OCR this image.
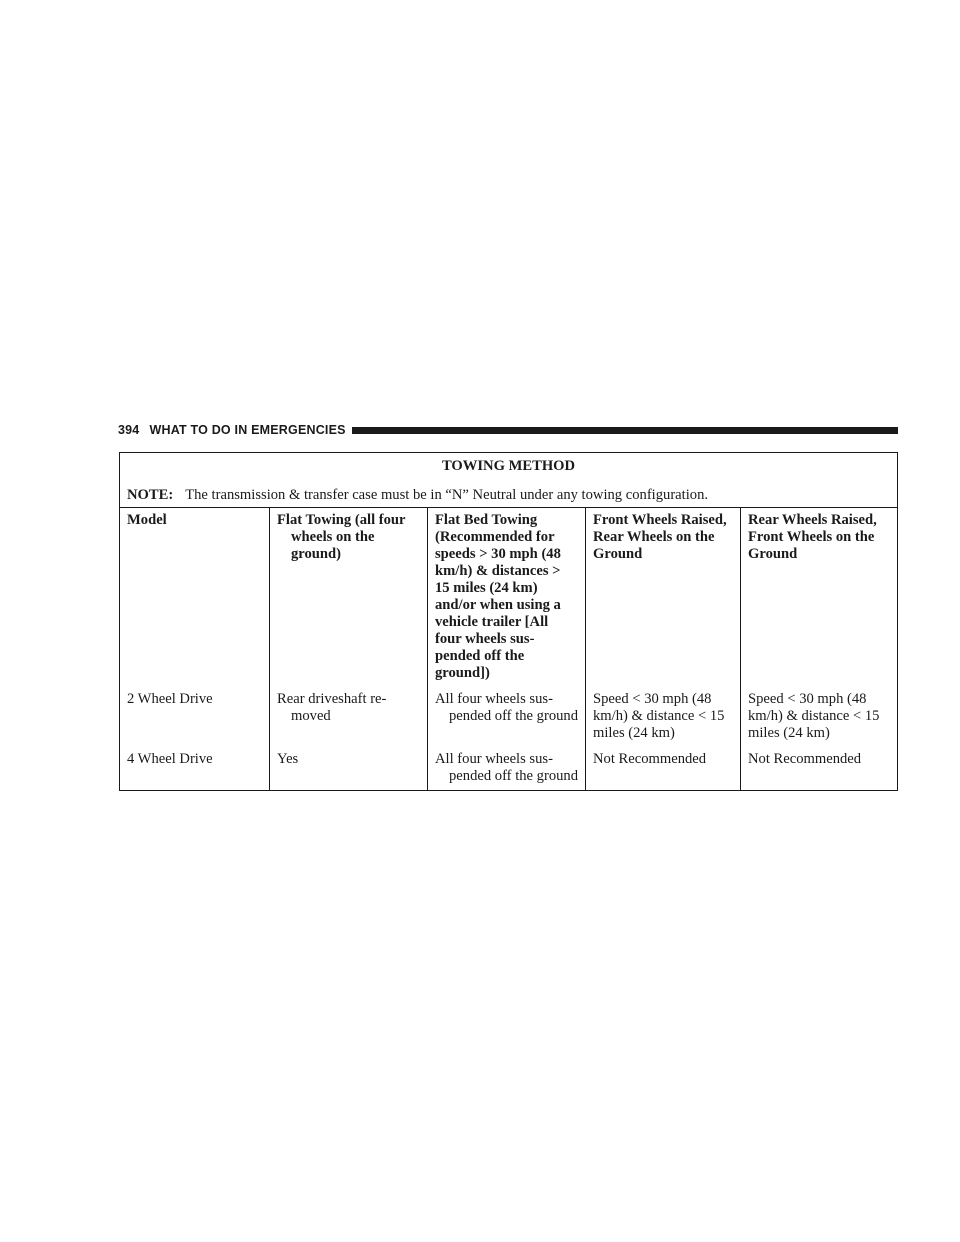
394 WHAT TO DO IN EMERGENCIES
TOWING METHOD				
NOTE: The transmission & transfer case must be in “N” Neutral under any towing configuration.				
Model	Flat Towing (all four wheels on the ground)	Flat Bed Towing (Recommended for speeds > 30 mph (48 km/h) & distances > 15 miles (24 km) and/or when using a vehicle trailer [All four wheels sus-pended off the ground])	Front Wheels Raised, Rear Wheels on the Ground	Rear Wheels Raised, Front Wheels on the Ground
2 Wheel Drive	Rear driveshaft re-moved	All four wheels sus-pended off the ground	Speed < 30 mph (48 km/h) & distance < 15 miles (24 km)	Speed < 30 mph (48 km/h) & distance < 15 miles (24 km)
4 Wheel Drive	Yes	All four wheels sus-pended off the ground	Not Recommended	Not Recommended
